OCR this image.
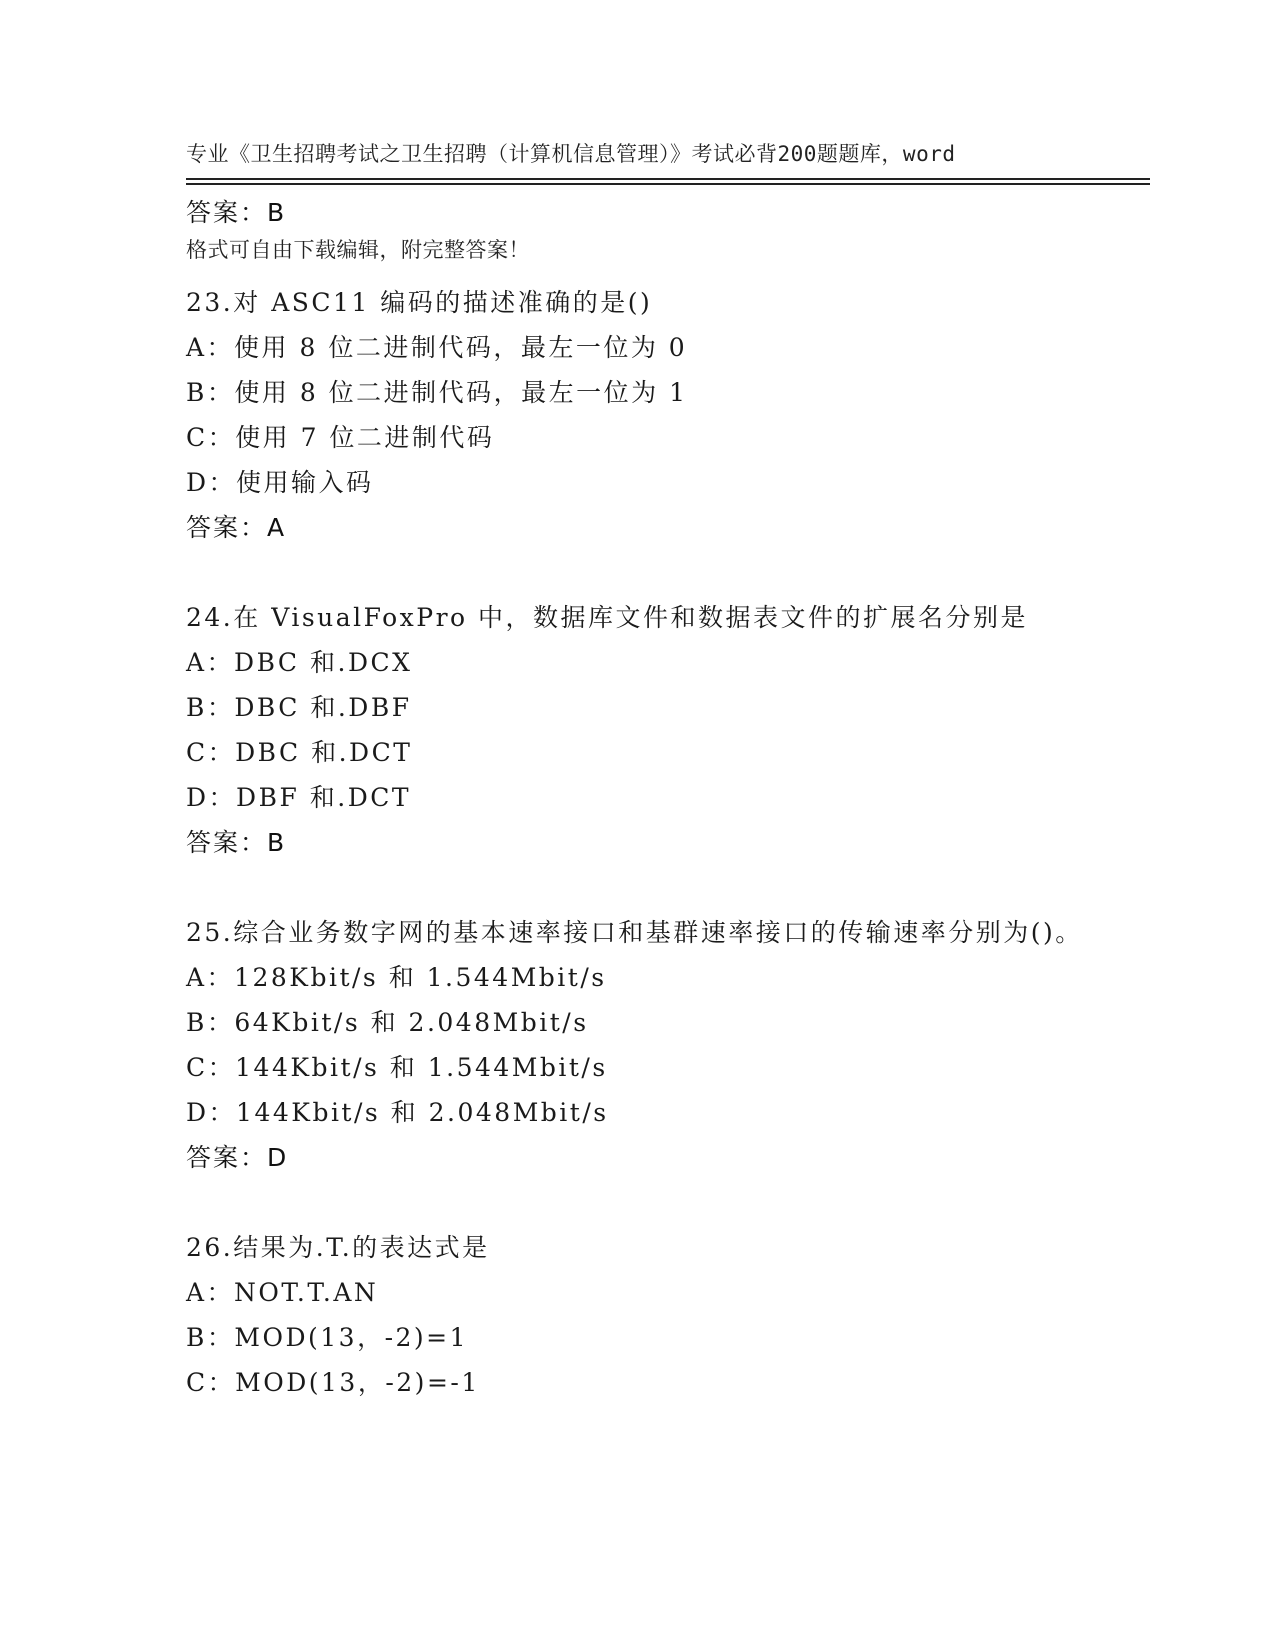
专业《卫生招聘考试之卫生招聘（计算机信息管理）》考试必背200题题库，word

格式可自由下载编辑，附完整答案！

答案：B
23.对 ASC11 编码的描述准确的是()
A：使用 8 位二进制代码，最左一位为 0
B：使用 8 位二进制代码，最左一位为 1
C：使用 7 位二进制代码
D：使用输入码
答案：A
24.在 VisualFoxPro 中，数据库文件和数据表文件的扩展名分别是
A：DBC 和.DCX
B：DBC 和.DBF
C：DBC 和.DCT
D：DBF 和.DCT
答案：B
25.综合业务数字网的基本速率接口和基群速率接口的传输速率分别为()。
A：128Kbit/s 和 1.544Mbit/s
B：64Kbit/s 和 2.048Mbit/s
C：144Kbit/s 和 1.544Mbit/s
D：144Kbit/s 和 2.048Mbit/s
答案：D
26.结果为.T.的表达式是
A：NOT.T.AN
B：MOD(13，-2)=1
C：MOD(13，-2)=-1
